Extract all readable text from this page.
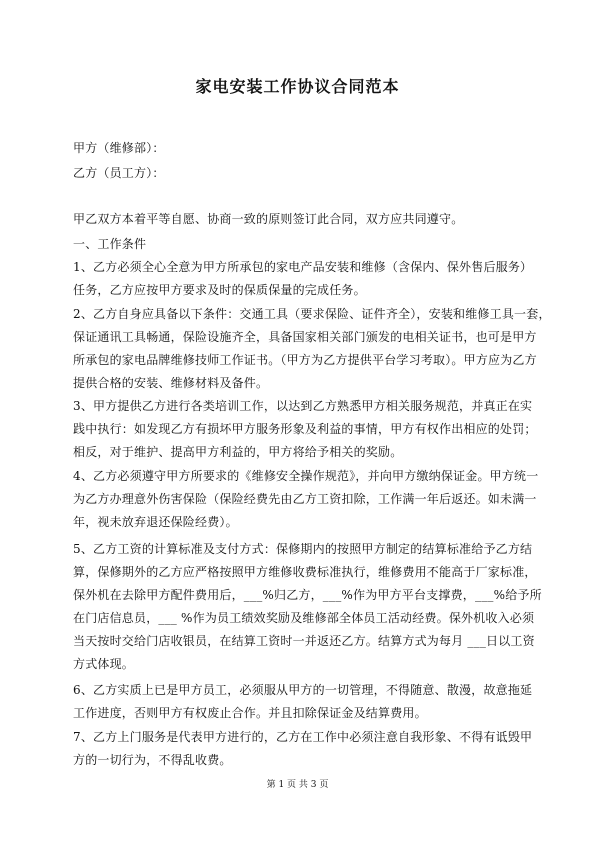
家电安装工作协议合同范本
甲方（维修部）：
乙方（员工方）：
甲乙双方本着平等自愿、协商一致的原则签订此合同，双方应共同遵守。
一、工作条件
1、乙方必须全心全意为甲方所承包的家电产品安装和维修（含保内、保外售后服务）
任务，乙方应按甲方要求及时的保质保量的完成任务。
2、乙方自身应具备以下条件：交通工具（要求保险、证件齐全），安装和维修工具一套，
保证通讯工具畅通，保险设施齐全，具备国家相关部门颁发的电相关证书，也可是甲方
所承包的家电品牌维修技师工作证书。（甲方为乙方提供平台学习考取）。甲方应为乙方
提供合格的安装、维修材料及备件。
3、甲方提供乙方进行各类培训工作，以达到乙方熟悉甲方相关服务规范，并真正在实
践中执行：如发现乙方有损坏甲方服务形象及利益的事情，甲方有权作出相应的处罚；
相反，对于维护、提高甲方利益的，甲方将给予相关的奖励。
4、乙方必须遵守甲方所要求的《维修安全操作规范》，并向甲方缴纳保证金。甲方统一
为乙方办理意外伤害保险（保险经费先由乙方工资扣除，工作满一年后返还。如未满一
年，视未放弃退还保险经费）。
5、乙方工资的计算标准及支付方式：保修期内的按照甲方制定的结算标准给予乙方结
算，保修期外的乙方应严格按照甲方维修收费标准执行，维修费用不能高于厂家标准，
保外机在去除甲方配件费用后，___%归乙方，___%作为甲方平台支撑费，___%给予所
在门店信息员，___ %作为员工绩效奖励及维修部全体员工活动经费。保外机收入必须
当天按时交给门店收银员，在结算工资时一并返还乙方。结算方式为每月 ___日以工资
方式体现。
6、乙方实质上已是甲方员工，必须服从甲方的一切管理，不得随意、散漫，故意拖延
工作进度，否则甲方有权废止合作。并且扣除保证金及结算费用。
7、乙方上门服务是代表甲方进行的，乙方在工作中必须注意自我形象、不得有诋毁甲
方的一切行为，不得乱收费。
第 1 页 共 3 页
